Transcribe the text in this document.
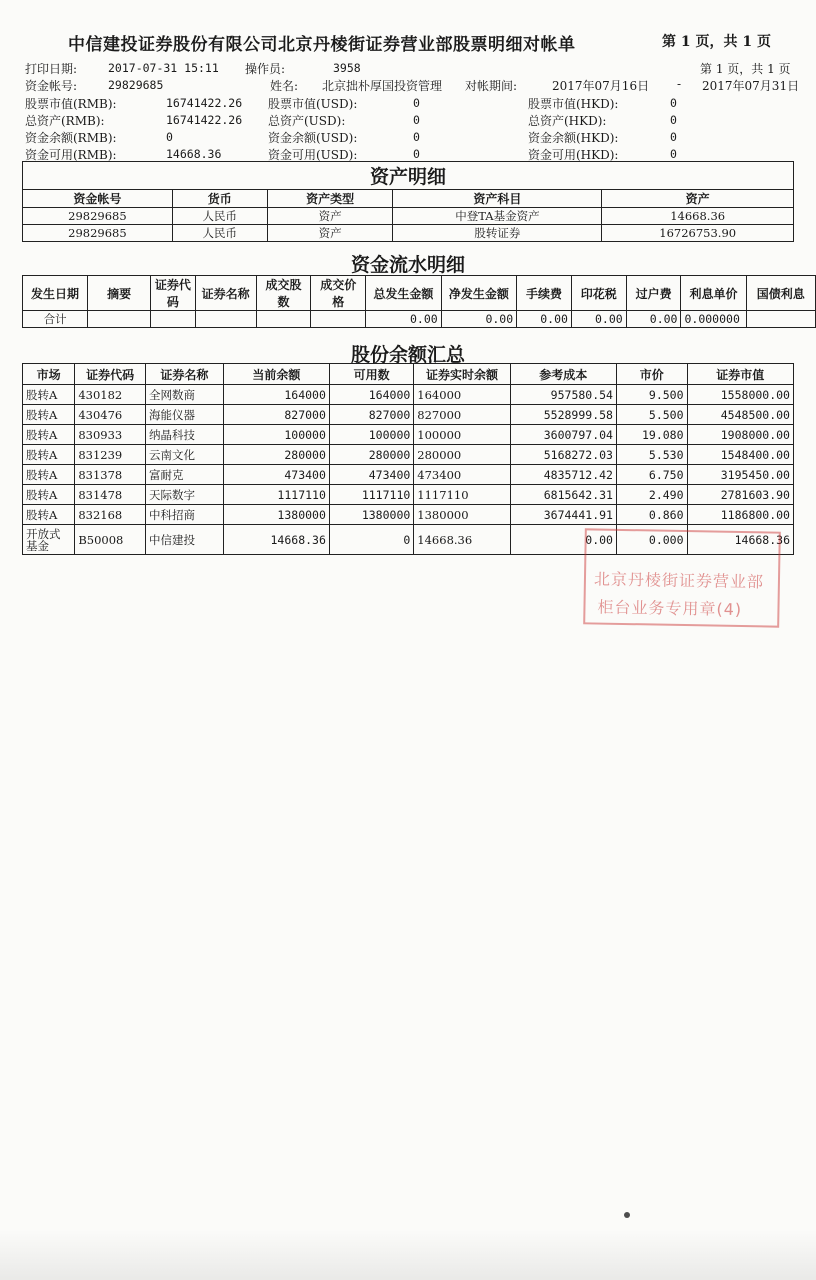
中信建投证券股份有限公司北京丹棱街证券营业部股票明细对帐单	第 1 页，共 1 页
打印日期:	2017-07-31 15:11 操作员:	3958	第 1 页，共 1 页
资金帐号:	29829685	姓名: 北京拙朴厚国投资管理 对帐期间:	2017年07月16日 - 2017年07月31日
股票市值(RMB):	16741422.26 股票市值(USD):	0	股票市值(HKD):	0
总资产(RMB):	16741422.26 总资产(USD):	0	总资产(HKD):	0
资金余额(RMB):	0	资金余额(USD):	0	资金余额(HKD):	0
资金可用(RMB):	14668.36	资金可用(USD):	0	资金可用(HKD):	0
资产明细				
资金帐号	货币	资产类型	资产科目	资产
29829685	人民币	资产	中登TA基金资产	14668.36
29829685	人民币	资产	股转证券	16726753.90
资金流水明细
发生日期	摘要	证券代码	证券名称	成交股数	成交价格	总发生金额	净发生金额	手续费	印花税	过户费	利息单价	国债利息
合计						0.00	0.00	0.00	0.00	0.00	0.000000	
股份余额汇总
市场	证券代码	证券名称	当前余额	可用数	证券实时余额	参考成本	市价	证券市值
股转A	430182	全网数商	164000	164000	164000	957580.54	9.500	1558000.00
股转A	430476	海能仪器	827000	827000	827000	5528999.58	5.500	4548500.00
股转A	830933	纳晶科技	100000	100000	100000	3600797.04	19.080	1908000.00
股转A	831239	云南文化	280000	280000	280000	5168272.03	5.530	1548400.00
股转A	831378	富耐克	473400	473400	473400	4835712.42	6.750	3195450.00
股转A	831478	天际数字	1117110	1117110	1117110	6815642.31	2.490	2781603.90
股转A	832168	中科招商	1380000	1380000	1380000	3674441.91	0.860	1186800.00
开放式基金	B50008	中信建投	14668.36	0	14668.36	0.00	0.000	14668.36
北京丹棱街证券营业部
柜台业务专用章(4)
